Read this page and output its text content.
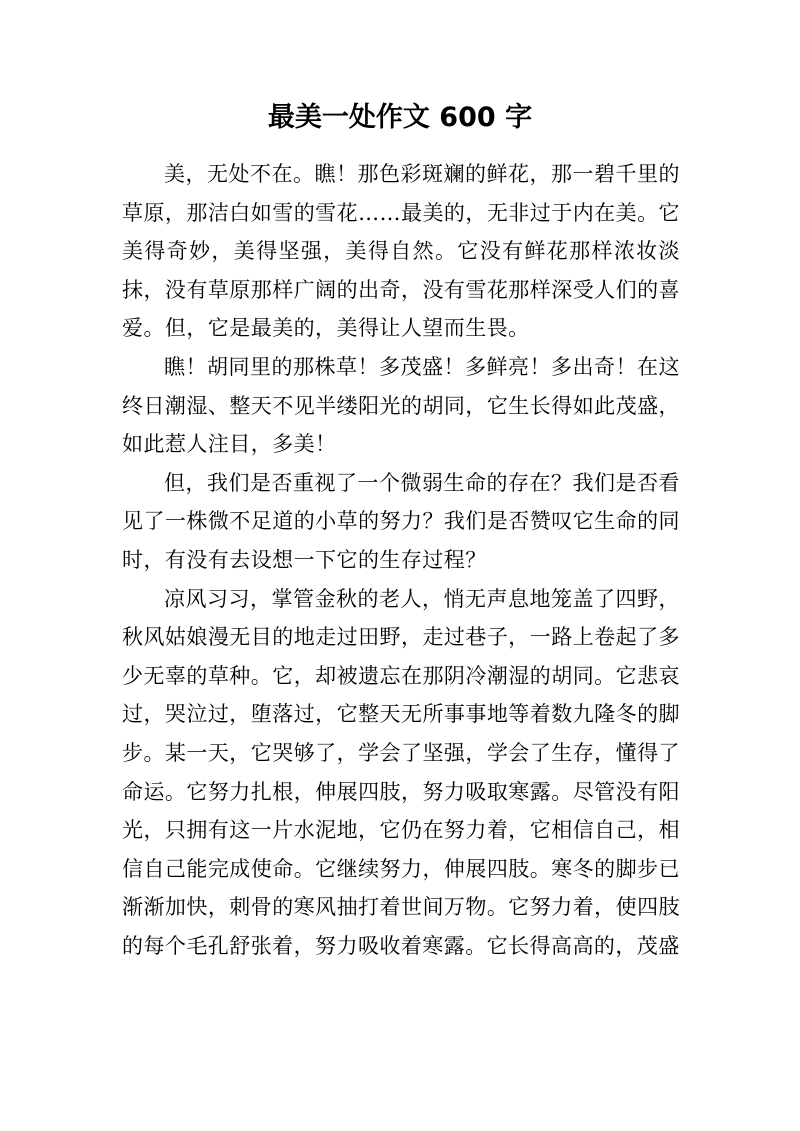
最美一处作文 600 字

美，无处不在。瞧！那色彩斑斓的鲜花，那一碧千里的草原，那洁白如雪的雪花……最美的，无非过于内在美。它美得奇妙，美得坚强，美得自然。它没有鲜花那样浓妆淡抹，没有草原那样广阔的出奇，没有雪花那样深受人们的喜爱。但，它是最美的，美得让人望而生畏。

瞧！胡同里的那株草！多茂盛！多鲜亮！多出奇！在这终日潮湿、整天不见半缕阳光的胡同，它生长得如此茂盛，如此惹人注目，多美！

但，我们是否重视了一个微弱生命的存在？我们是否看见了一株微不足道的小草的努力？我们是否赞叹它生命的同时，有没有去设想一下它的生存过程？

凉风习习，掌管金秋的老人，悄无声息地笼盖了四野，秋风姑娘漫无目的地走过田野，走过巷子，一路上卷起了多少无辜的草种。它，却被遗忘在那阴冷潮湿的胡同。它悲哀过，哭泣过，堕落过，它整天无所事事地等着数九隆冬的脚步。某一天，它哭够了，学会了坚强，学会了生存，懂得了命运。它努力扎根，伸展四肢，努力吸取寒露。尽管没有阳光，只拥有这一片水泥地，它仍在努力着，它相信自己，相信自己能完成使命。它继续努力，伸展四肢。寒冬的脚步已渐渐加快，刺骨的寒风抽打着世间万物。它努力着，使四肢的每个毛孔舒张着，努力吸收着寒露。它长得高高的，茂盛
